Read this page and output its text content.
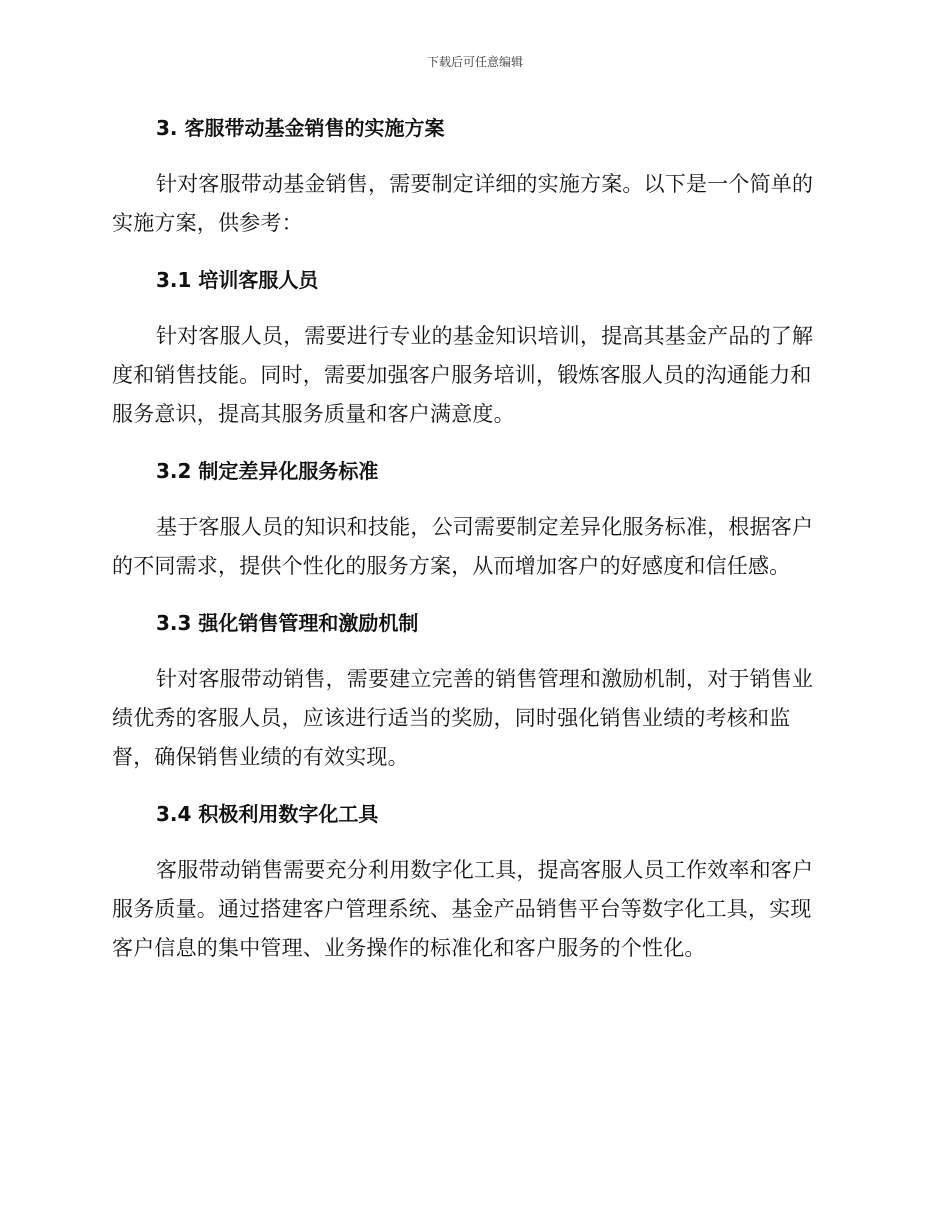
下载后可任意编辑
3. 客服带动基金销售的实施方案

针对客服带动基金销售，需要制定详细的实施方案。以下是一个简单的实施方案，供参考：

3.1 培训客服人员

针对客服人员，需要进行专业的基金知识培训，提高其基金产品的了解度和销售技能。同时，需要加强客户服务培训，锻炼客服人员的沟通能力和服务意识，提高其服务质量和客户满意度。

3.2 制定差异化服务标准

基于客服人员的知识和技能，公司需要制定差异化服务标准，根据客户的不同需求，提供个性化的服务方案，从而增加客户的好感度和信任感。

3.3 强化销售管理和激励机制

针对客服带动销售，需要建立完善的销售管理和激励机制，对于销售业绩优秀的客服人员，应该进行适当的奖励，同时强化销售业绩的考核和监督，确保销售业绩的有效实现。

3.4 积极利用数字化工具

客服带动销售需要充分利用数字化工具，提高客服人员工作效率和客户服务质量。通过搭建客户管理系统、基金产品销售平台等数字化工具，实现客户信息的集中管理、业务操作的标准化和客户服务的个性化。
